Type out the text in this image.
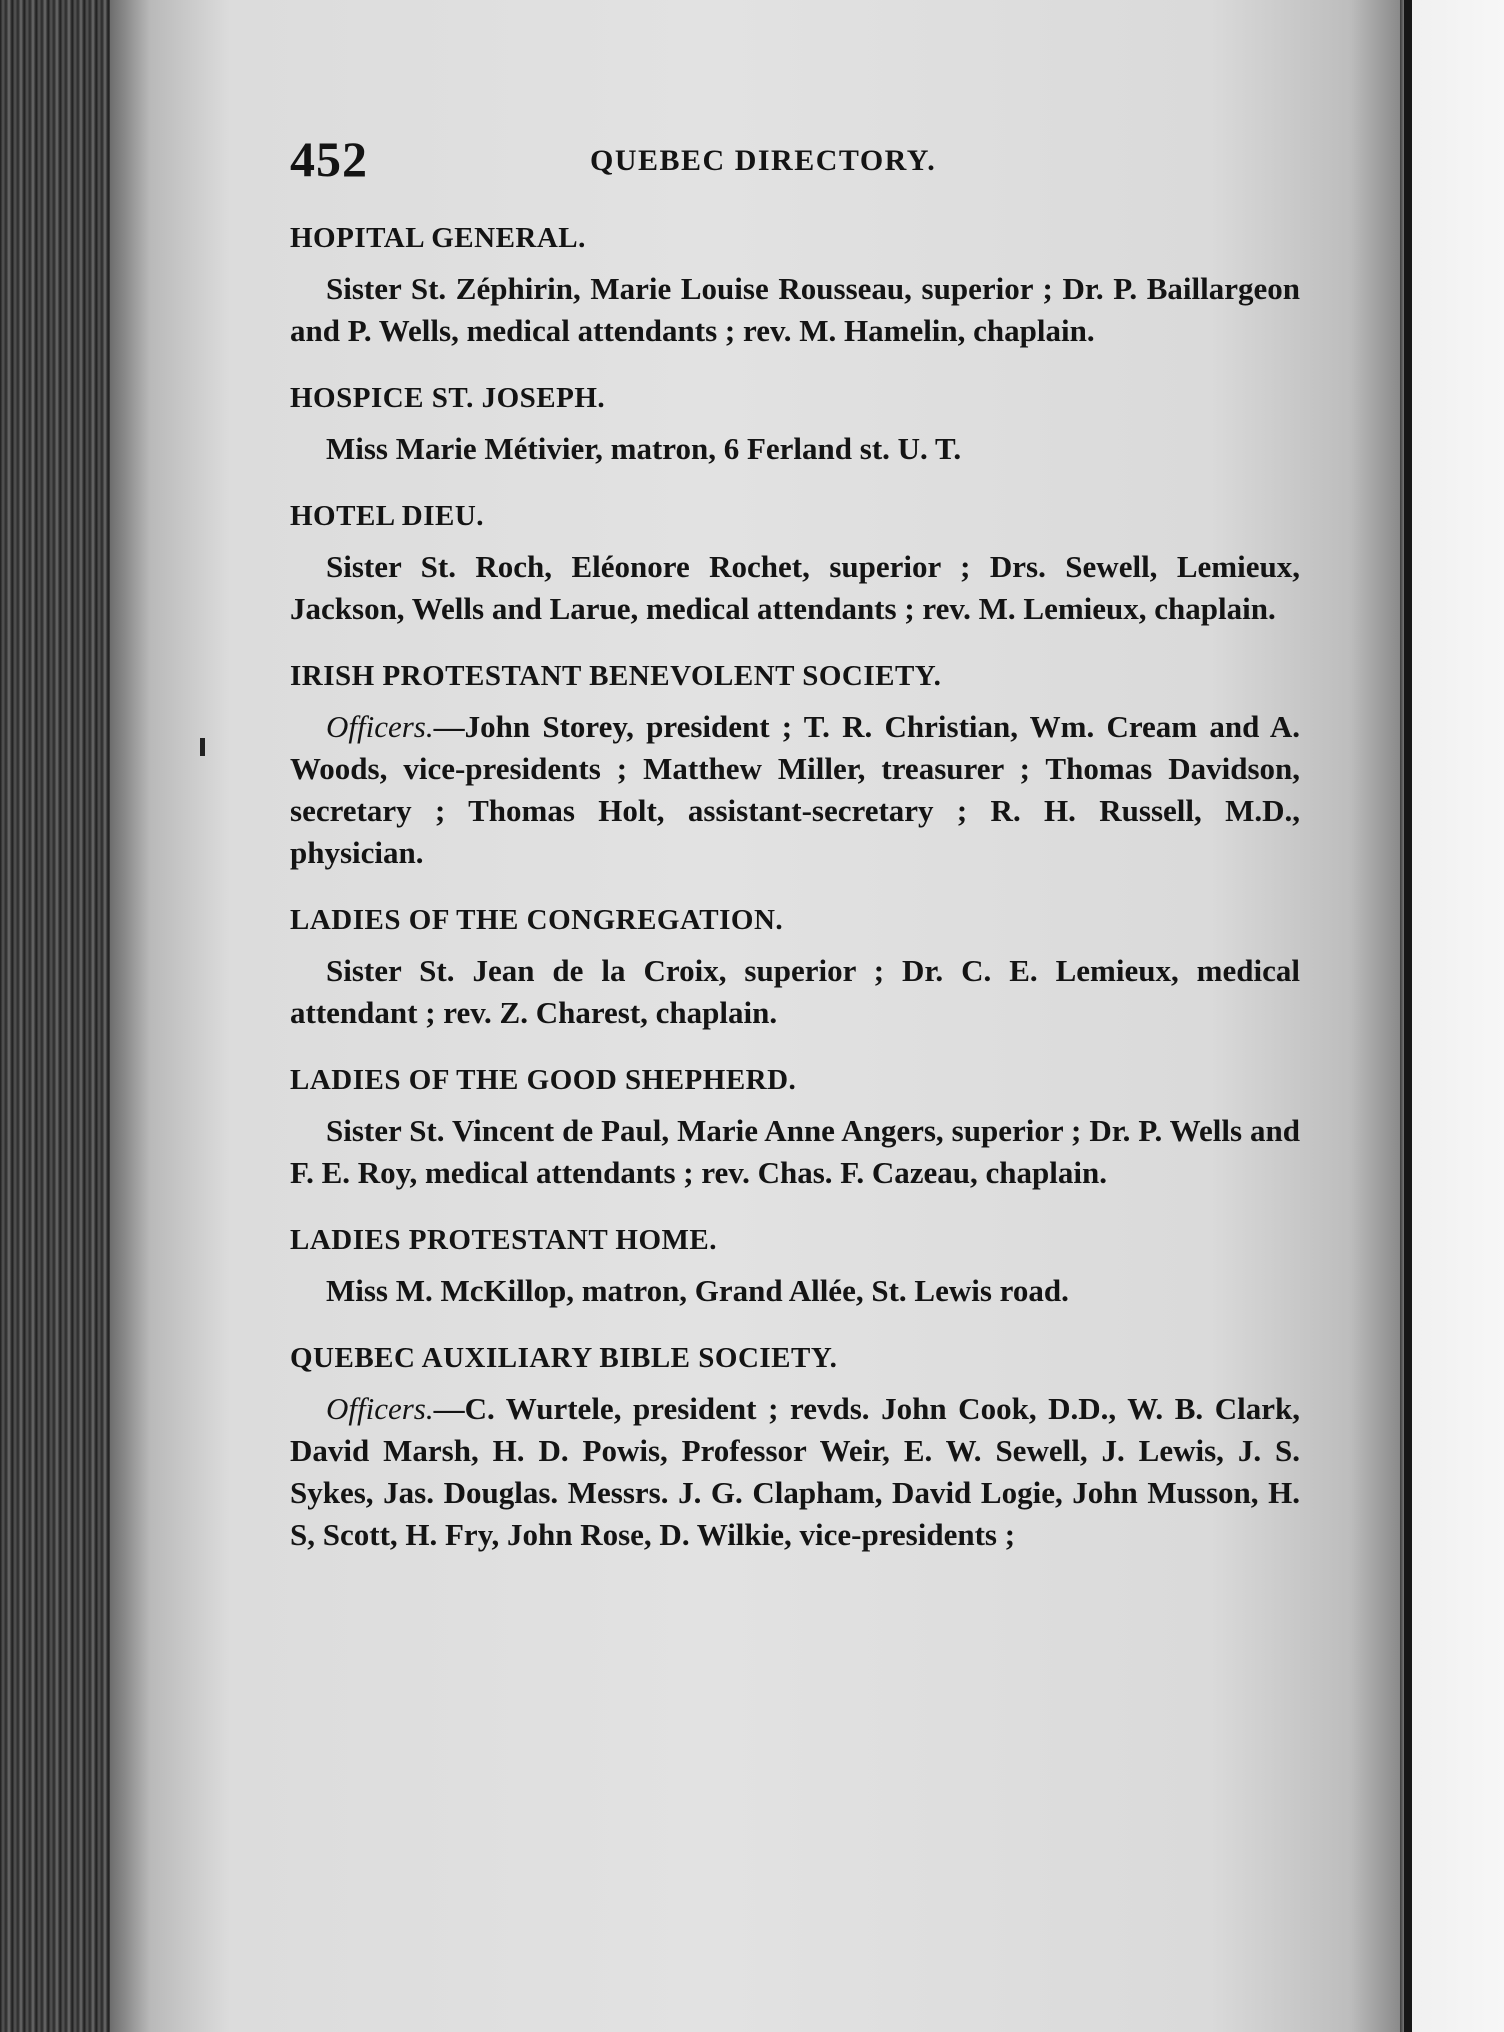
452	QUEBEC DIRECTORY.
HOPITAL GENERAL.
Sister St. Zéphirin, Marie Louise Rousseau, superior ; Dr. P. Baillargeon and P. Wells, medical attendants ; rev. M. Hamelin, chaplain.
HOSPICE ST. JOSEPH.
Miss Marie Métivier, matron, 6 Ferland st. U. T.
HOTEL DIEU.
Sister St. Roch, Eléonore Rochet, superior ; Drs. Sewell, Lemieux, Jackson, Wells and Larue, medical attendants ; rev. M. Lemieux, chaplain.
IRISH PROTESTANT BENEVOLENT SOCIETY.
Officers.—John Storey, president ; T. R. Christian, Wm. Cream and A. Woods, vice-presidents ; Matthew Miller, treasurer ; Thomas Davidson, secretary ; Thomas Holt, assistant-secretary ; R. H. Russell, M.D., physician.
LADIES OF THE CONGREGATION.
Sister St. Jean de la Croix, superior ; Dr. C. E. Lemieux, medical attendant ; rev. Z. Charest, chaplain.
LADIES OF THE GOOD SHEPHERD.
Sister St. Vincent de Paul, Marie Anne Angers, superior ; Dr. P. Wells and F. E. Roy, medical attendants ; rev. Chas. F. Cazeau, chaplain.
LADIES PROTESTANT HOME.
Miss M. McKillop, matron, Grand Allée, St. Lewis road.
QUEBEC AUXILIARY BIBLE SOCIETY.
Officers.—C. Wurtele, president ; revds. John Cook, D.D., W. B. Clark, David Marsh, H. D. Powis, Professor Weir, E. W. Sewell, J. Lewis, J. S. Sykes, Jas. Douglas. Messrs. J. G. Clapham, David Logie, John Musson, H. S, Scott, H. Fry, John Rose, D. Wilkie, vice-presidents ;
